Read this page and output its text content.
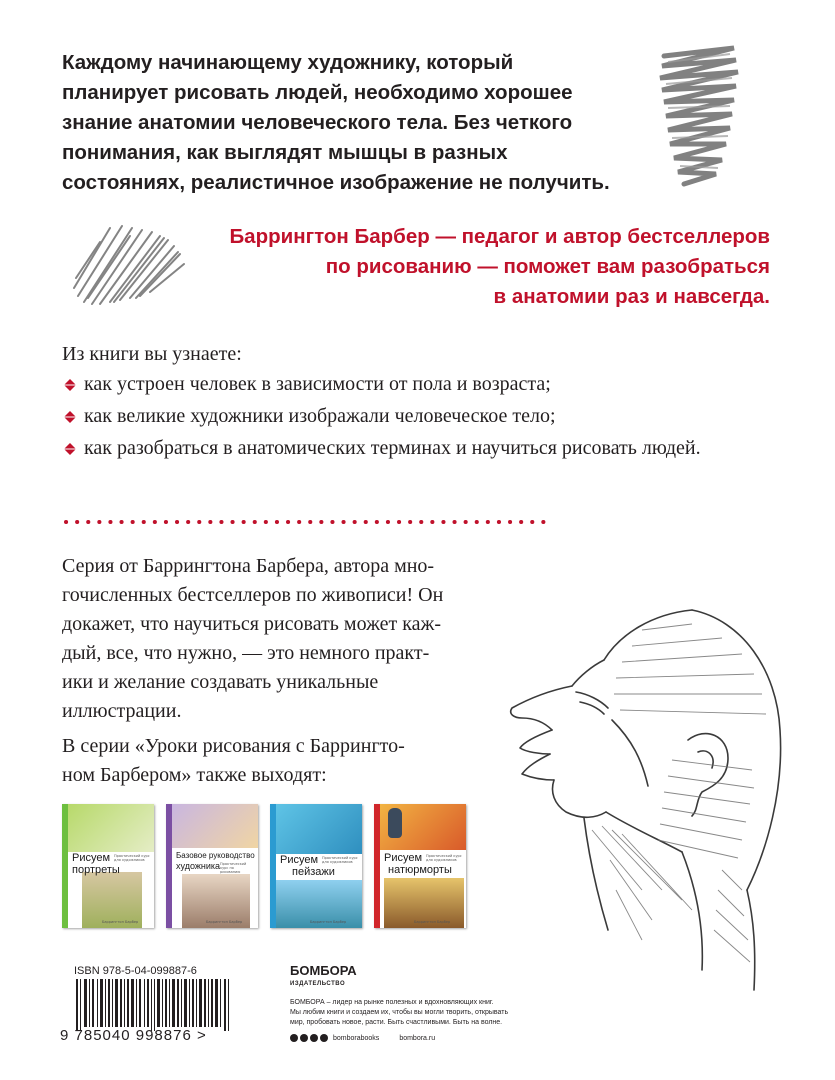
Каждому начинающему художнику, который
планирует рисовать людей, необходимо хорошее
знание анатомии человеческого тела. Без четкого
понимания, как выглядят мышцы в разных
состояниях, реалистичное изображение не получить.
Баррингтон Барбер — педагог и автор бестселлеров
по рисованию — поможет вам разобраться
в анатомии раз и навсегда.

Из книги вы узнаете:

как устроен человек в зависимости от пола и возраста;
как великие художники изображали человеческое тело;
как разобраться в анатомических терминах и научиться рисовать людей.
Серия от Баррингтона Барбера, автора мно-
гочисленных бестселлеров по живописи! Он
докажет, что научиться рисовать может каж-
дый, все, что нужно, — это немного практ-
ики и желание создавать уникальные
иллюстрации.
В серии «Уроки рисования с Баррингто-
ном Барбером» также выходят:
Рисуем
портреты
Практический курс для художников
Баррингтон Барбер
Базовое руководство
художника Практический курс по рисованию
Баррингтон Барбер
Рисуем
пейзажи
Практический курс для художников
Баррингтон Барбер
Рисуем
натюрморты
Практический курс для художников
Баррингтон Барбер
ISBN 978-5-04-099887-6
9 785040 998876 >
БОМБОРА
ИЗДАТЕЛЬСТВО
БОМБОРА – лидер на рынке полезных и вдохновляющих книг.
Мы любим книги и создаем их, чтобы вы могли творить, открывать
мир, пробовать новое, расти. Быть счастливыми. Быть на волне.
bomborabooks	bombora.ru
